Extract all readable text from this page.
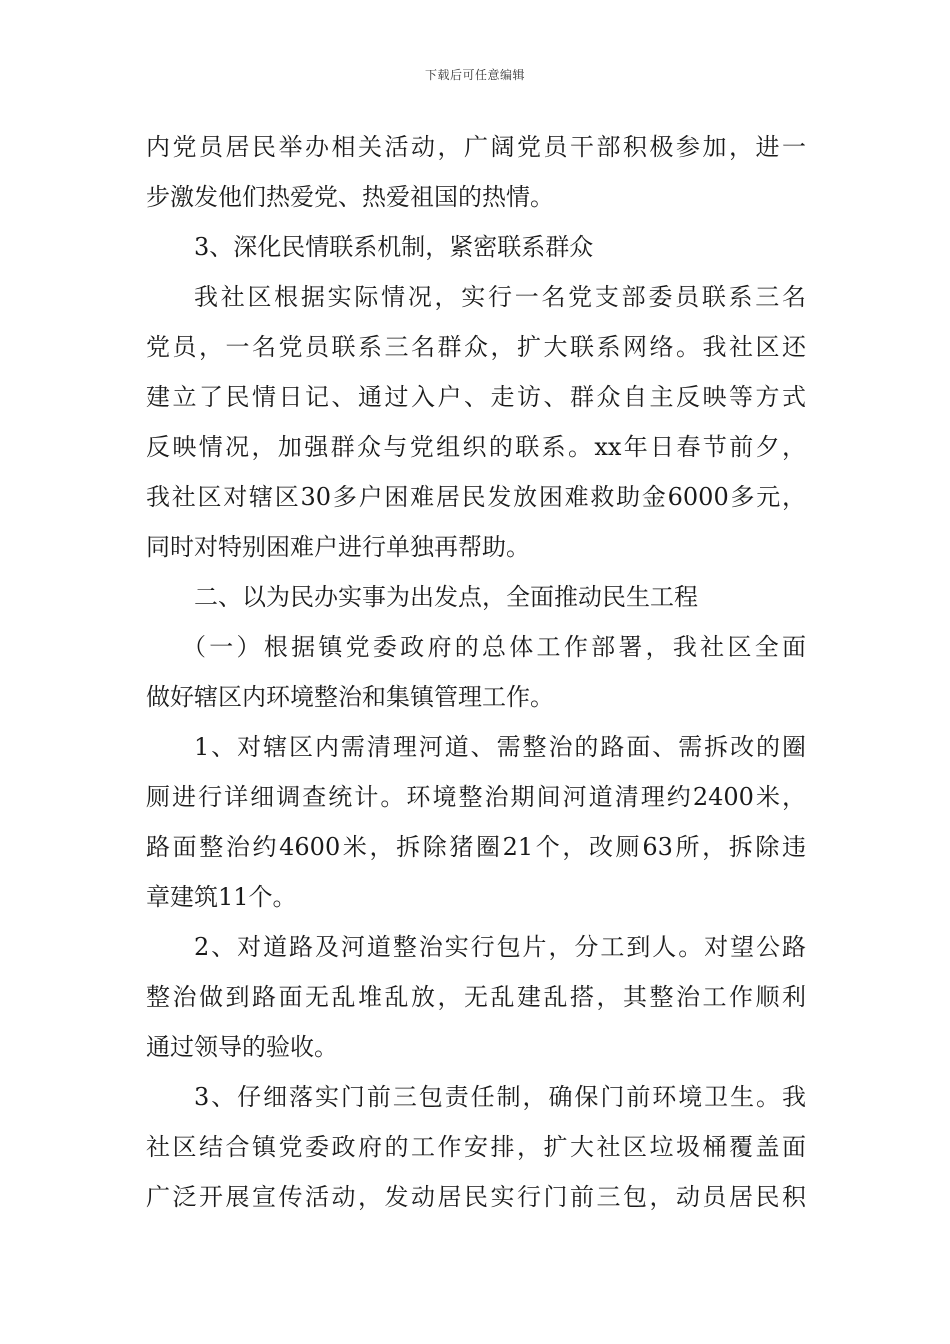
下载后可任意编辑
内党员居民举办相关活动，广阔党员干部积极参加，进一
步激发他们热爱党、热爱祖国的热情。
3、深化民情联系机制，紧密联系群众
我社区根据实际情况，实行一名党支部委员联系三名
党员，一名党员联系三名群众，扩大联系网络。我社区还
建立了民情日记、通过入户、走访、群众自主反映等方式
反映情况，加强群众与党组织的联系。xx年日春节前夕，
我社区对辖区30多户困难居民发放困难救助金6000多元，
同时对特别困难户进行单独再帮助。
二、以为民办实事为出发点，全面推动民生工程
（一）根据镇党委政府的总体工作部署，我社区全面
做好辖区内环境整治和集镇管理工作。
1、对辖区内需清理河道、需整治的路面、需拆改的圈
厕进行详细调查统计。环境整治期间河道清理约2400米，
路面整治约4600米，拆除猪圈21个，改厕63所，拆除违
章建筑11个。
2、对道路及河道整治实行包片，分工到人。对望公路
整治做到路面无乱堆乱放，无乱建乱搭，其整治工作顺利
通过领导的验收。
3、仔细落实门前三包责任制，确保门前环境卫生。我
社区结合镇党委政府的工作安排，扩大社区垃圾桶覆盖面
广泛开展宣传活动，发动居民实行门前三包，动员居民积
